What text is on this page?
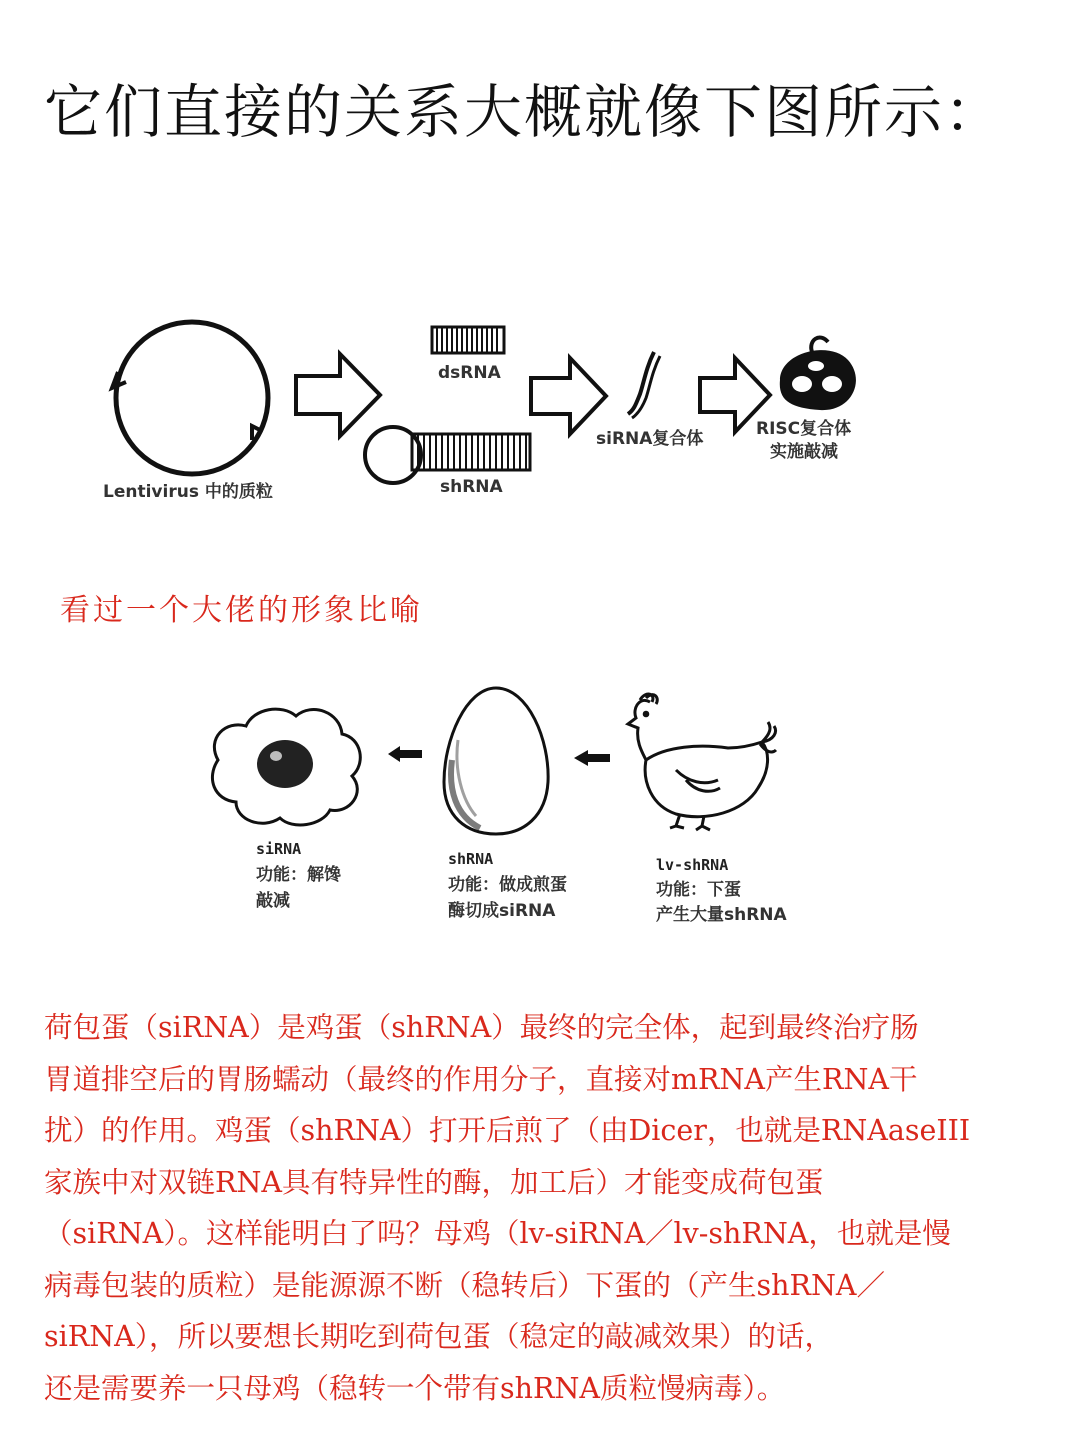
它们直接的关系大概就像下图所示：
Lentivirus 中的质粒
dsRNA
shRNA
siRNA复合体	RISC复合体
实施敲减
siRNA
功能：解馋
敲减
shRNA
功能：做成煎蛋
酶切成siRNA
lv-shRNA
功能：下蛋
产生大量shRNA
看过一个大佬的形象比喻
荷包蛋（siRNA）是鸡蛋（shRNA）最终的完全体，起到最终治疗肠
胃道排空后的胃肠蠕动（最终的作用分子，直接对mRNA产生RNA干
扰）的作用。鸡蛋（shRNA）打开后煎了（由Dicer，也就是RNAaseIII
家族中对双链RNA具有特异性的酶，加工后）才能变成荷包蛋
（siRNA）。这样能明白了吗？母鸡（lv-siRNA／lv-shRNA，也就是慢
病毒包装的质粒）是能源源不断（稳转后）下蛋的（产生shRNA／
siRNA），所以要想长期吃到荷包蛋（稳定的敲减效果）的话，
还是需要养一只母鸡（稳转一个带有shRNA质粒慢病毒）。
